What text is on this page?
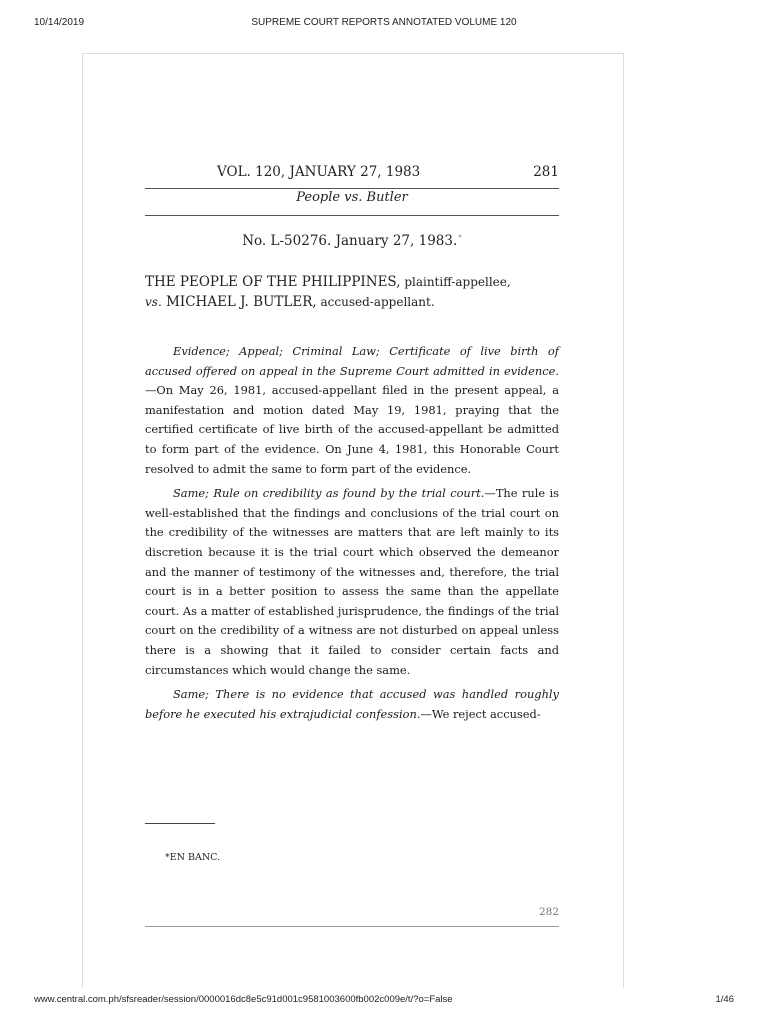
10/14/2019	SUPREME COURT REPORTS ANNOTATED VOLUME 120
VOL. 120, JANUARY 27, 1983	281
People vs. Butler
No. L-50276. January 27, 1983.*
THE PEOPLE OF THE PHILIPPINES, plaintiff-appellee,
vs. MICHAEL J. BUTLER, accused-appellant.

Evidence; Appeal; Criminal Law; Certificate of live birth of accused offered on appeal in the Supreme Court admitted in evidence.—On May 26, 1981, accused-appellant filed in the present appeal, a manifestation and motion dated May 19, 1981, praying that the certified certificate of live birth of the accused-appellant be admitted to form part of the evidence. On June 4, 1981, this Honorable Court resolved to admit the same to form part of the evidence.

Same; Rule on credibility as found by the trial court.—The rule is well-established that the findings and conclusions of the trial court on the credibility of the witnesses are matters that are left mainly to its discretion because it is the trial court which observed the demeanor and the manner of testimony of the witnesses and, therefore, the trial court is in a better position to assess the same than the appellate court. As a matter of established jurisprudence, the findings of the trial court on the credibility of a witness are not disturbed on appeal unless there is a showing that it failed to consider certain facts and circumstances which would change the same.

Same; There is no evidence that accused was handled roughly before he executed his extrajudicial confession.—We reject accused-

*EN BANC.
282
www.central.com.ph/sfsreader/session/0000016dc8e5c91d001c9581003600fb002c009e/t/?o=False	1/46
